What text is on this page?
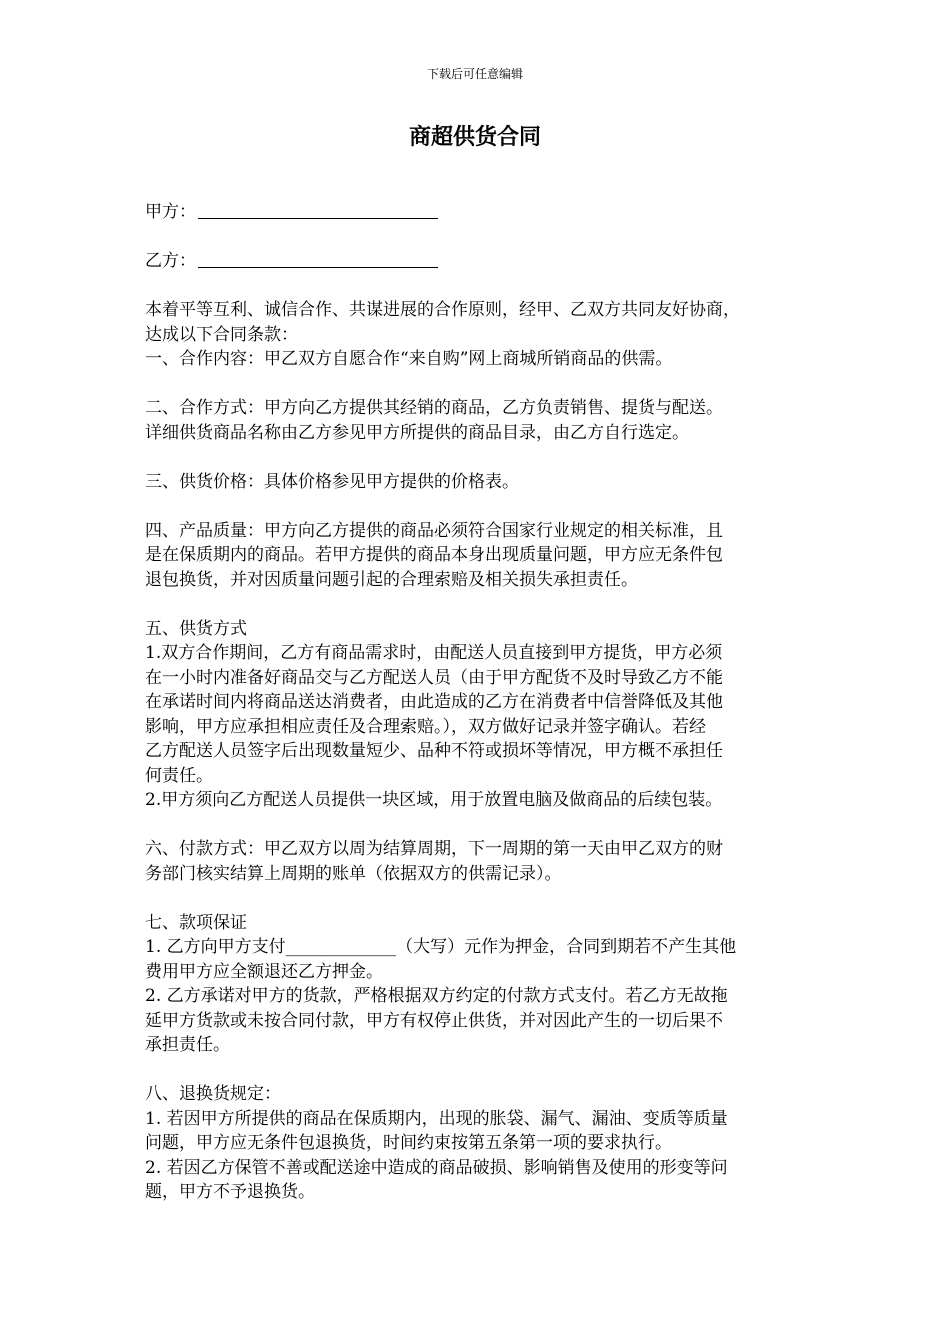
下载后可任意编辑
商超供货合同
甲方：
乙方：

本着平等互利、诚信合作、共谋进展的合作原则，经甲、乙双方共同友好协商，

达成以下合同条款：

一、合作内容：甲乙双方自愿合作“来自购”网上商城所销商品的供需。

二、合作方式：甲方向乙方提供其经销的商品，乙方负责销售、提货与配送。

详细供货商品名称由乙方参见甲方所提供的商品目录，由乙方自行选定。

三、供货价格：具体价格参见甲方提供的价格表。

四、产品质量：甲方向乙方提供的商品必须符合国家行业规定的相关标准，且

是在保质期内的商品。若甲方提供的商品本身出现质量问题，甲方应无条件包

退包换货，并对因质量问题引起的合理索赔及相关损失承担责任。

五、供货方式

1.双方合作期间，乙方有商品需求时，由配送人员直接到甲方提货，甲方必须

在一小时内准备好商品交与乙方配送人员（由于甲方配货不及时导致乙方不能

在承诺时间内将商品送达消费者，由此造成的乙方在消费者中信誉降低及其他

影响，甲方应承担相应责任及合理索赔。），双方做好记录并签字确认。若经

乙方配送人员签字后出现数量短少、品种不符或损坏等情况，甲方概不承担任

何责任。

2.甲方须向乙方配送人员提供一块区域，用于放置电脑及做商品的后续包装。

六、付款方式：甲乙双方以周为结算周期，下一周期的第一天由甲乙双方的财

务部门核实结算上周期的账单（依据双方的供需记录）。

七、款项保证

1. 乙方向甲方支付_____________（大写）元作为押金，合同到期若不产生其他

费用甲方应全额退还乙方押金。

2. 乙方承诺对甲方的货款，严格根据双方约定的付款方式支付。若乙方无故拖

延甲方货款或未按合同付款，甲方有权停止供货，并对因此产生的一切后果不

承担责任。

八、退换货规定：

1. 若因甲方所提供的商品在保质期内，出现的胀袋、漏气、漏油、变质等质量

问题，甲方应无条件包退换货，时间约束按第五条第一项的要求执行。

2. 若因乙方保管不善或配送途中造成的商品破损、影响销售及使用的形变等问

题，甲方不予退换货。
